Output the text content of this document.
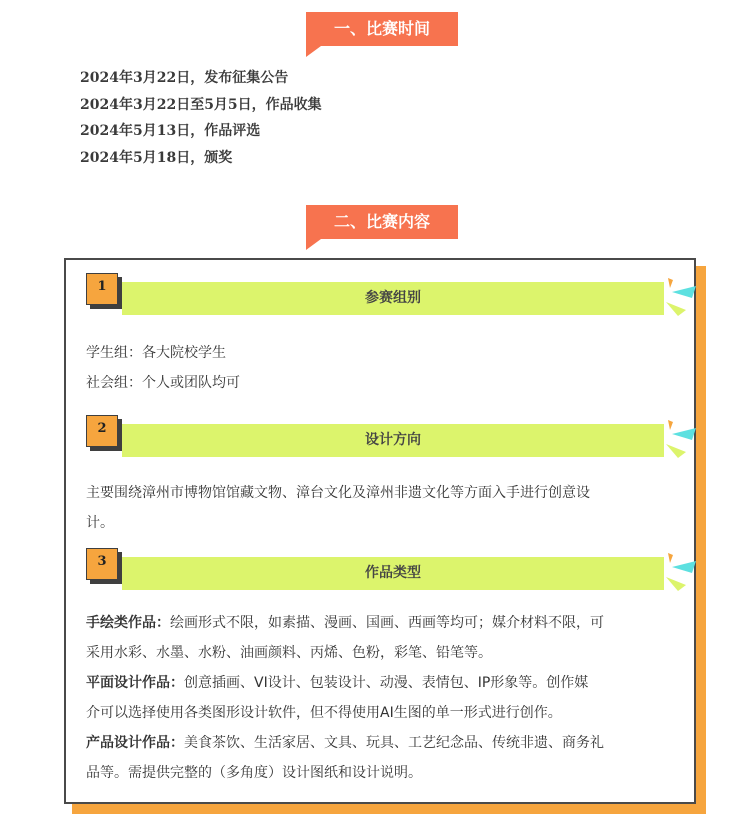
一、比赛时间
2024年3月22日，发布征集公告
2024年3月22日至5月5日，作品收集
2024年5月13日，作品评选
2024年5月18日，颁奖
二、比赛内容
参赛组别
1

学生组：各大院校学生
社会组：个人或团队均可

设计方向
2

主要围绕漳州市博物馆馆藏文物、漳台文化及漳州非遗文化等方面入手进行创意设
计。

作品类型
3

手绘类作品：绘画形式不限，如素描、漫画、国画、西画等均可；媒介材料不限，可
采用水彩、水墨、水粉、油画颜料、丙烯、色粉，彩笔、铅笔等。
平面设计作品：创意插画、VI设计、包装设计、动漫、表情包、IP形象等。创作媒
介可以选择使用各类图形设计软件，但不得使用AI生图的单一形式进行创作。
产品设计作品：美食茶饮、生活家居、文具、玩具、工艺纪念品、传统非遗、商务礼
品等。需提供完整的（多角度）设计图纸和设计说明。
